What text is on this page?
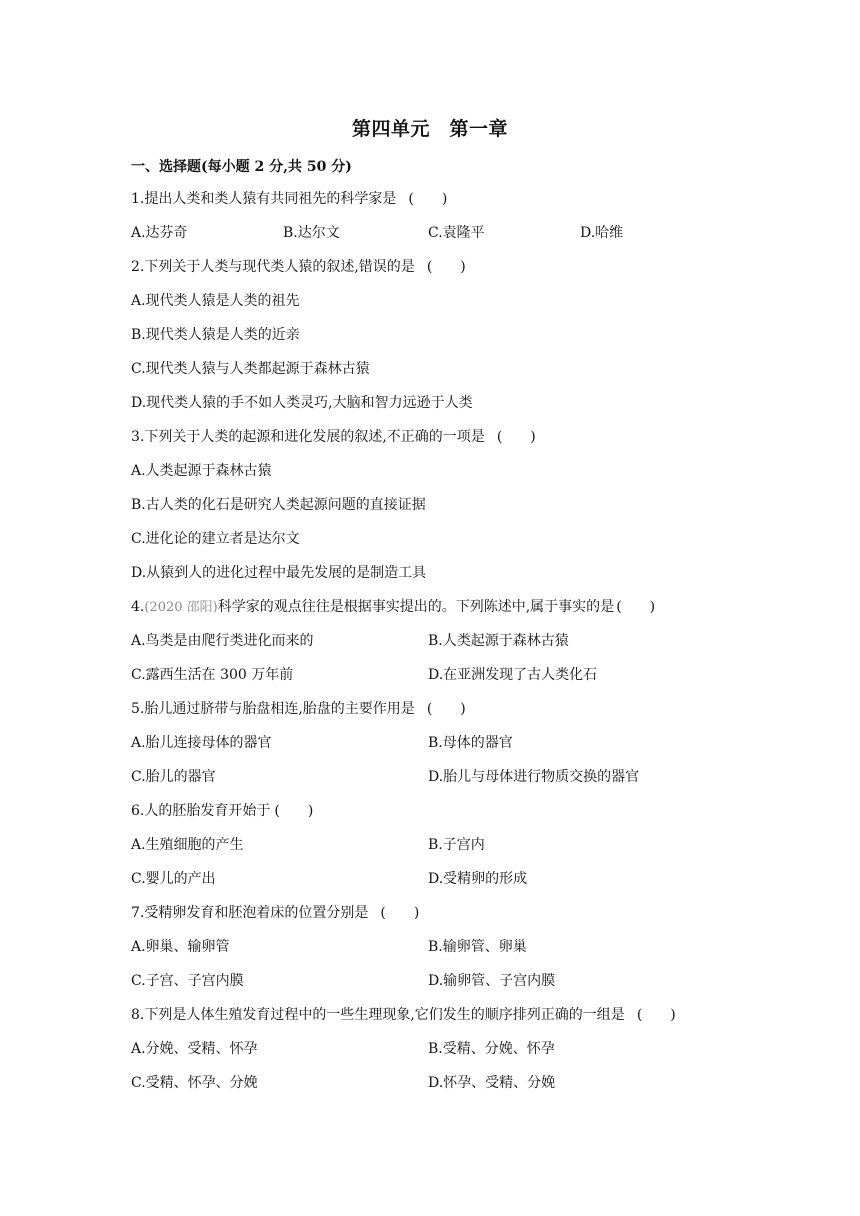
第四单元　第一章
一、选择题(每小题 2 分,共 50 分)
1.提出人类和类人猿有共同祖先的科学家是 (　　)
A.达芬奇	B.达尔文	C.袁隆平	D.哈维
2.下列关于人类与现代类人猿的叙述,错误的是 (　　)
A.现代类人猿是人类的祖先
B.现代类人猿是人类的近亲
C.现代类人猿与人类都起源于森林古猿
D.现代类人猿的手不如人类灵巧,大脑和智力远逊于人类
3.下列关于人类的起源和进化发展的叙述,不正确的一项是 (　　)
A.人类起源于森林古猿
B.古人类的化石是研究人类起源问题的直接证据
C.进化论的建立者是达尔文
D.从猿到人的进化过程中最先发展的是制造工具
4.(2020 邵阳)科学家的观点往往是根据事实提出的。下列陈述中,属于事实的是 (　　)
A.鸟类是由爬行类进化而来的	B.人类起源于森林古猿
C.露西生活在 300 万年前	D.在亚洲发现了古人类化石
5.胎儿通过脐带与胎盘相连,胎盘的主要作用是 (　　)
A.胎儿连接母体的器官	B.母体的器官
C.胎儿的器官	D.胎儿与母体进行物质交换的器官
6.人的胚胎发育开始于 (　　)
A.生殖细胞的产生	B.子宫内
C.婴儿的产出	D.受精卵的形成
7.受精卵发育和胚泡着床的位置分别是 (　　)
A.卵巢、输卵管	B.输卵管、卵巢
C.子宫、子宫内膜	D.输卵管、子宫内膜
8.下列是人体生殖发育过程中的一些生理现象,它们发生的顺序排列正确的一组是 (　　)
A.分娩、受精、怀孕	B.受精、分娩、怀孕
C.受精、怀孕、分娩	D.怀孕、受精、分娩
